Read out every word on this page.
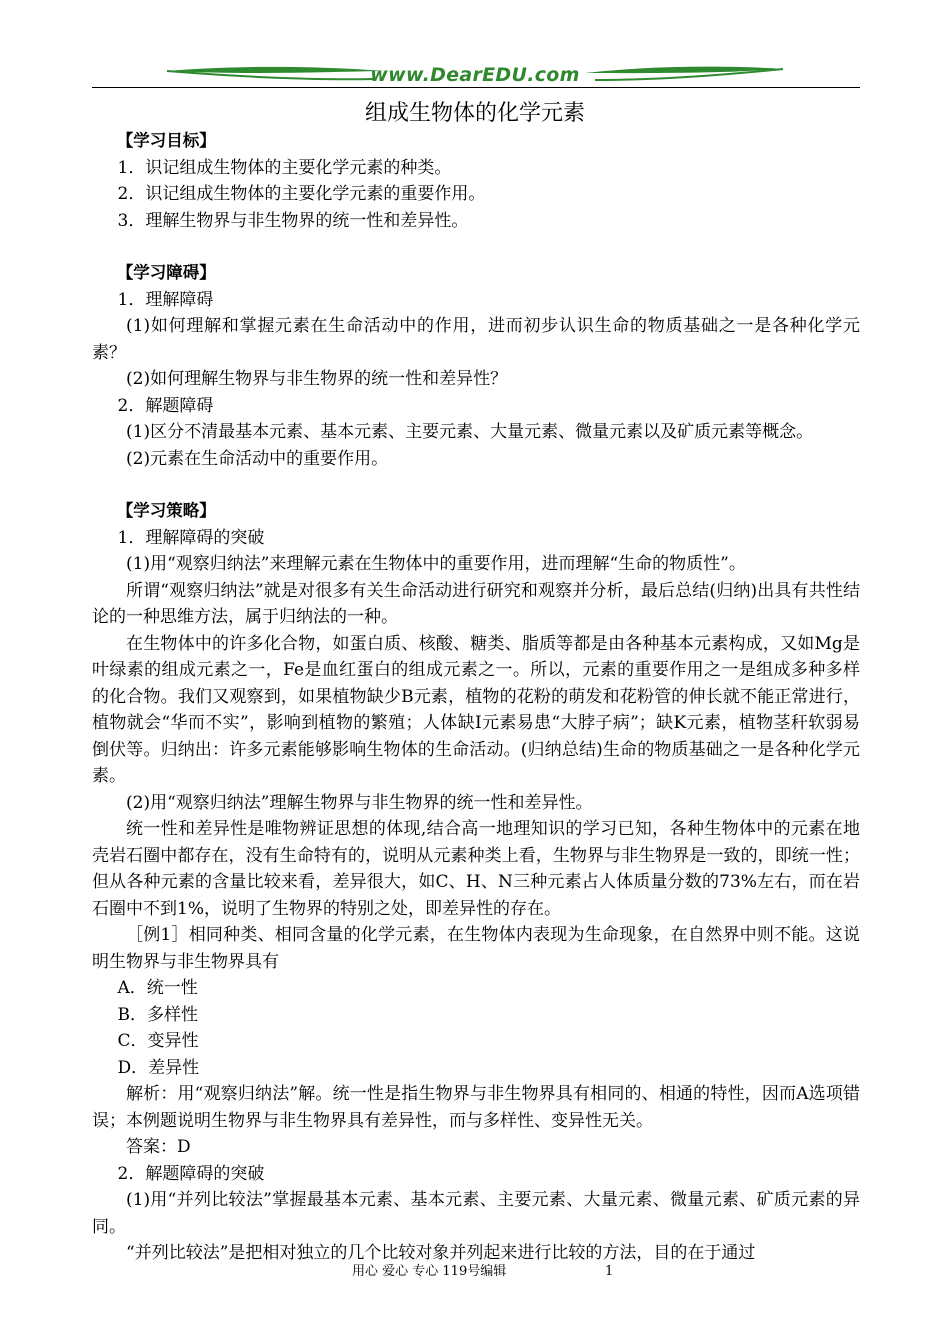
www.DearEDU.com
组成生物体的化学元素

【学习目标】

1．识记组成生物体的主要化学元素的种类。

2．识记组成生物体的主要化学元素的重要作用。

3．理解生物界与非生物界的统一性和差异性。

【学习障碍】

1．理解障碍

(1)如何理解和掌握元素在生命活动中的作用，进而初步认识生命的物质基础之一是各种化学元素？

(2)如何理解生物界与非生物界的统一性和差异性？

2．解题障碍

(1)区分不清最基本元素、基本元素、主要元素、大量元素、微量元素以及矿质元素等概念。

(2)元素在生命活动中的重要作用。

【学习策略】

1．理解障碍的突破

(1)用“观察归纳法”来理解元素在生物体中的重要作用，进而理解“生命的物质性”。

所谓“观察归纳法”就是对很多有关生命活动进行研究和观察并分析，最后总结(归纳)出具有共性结论的一种思维方法，属于归纳法的一种。

在生物体中的许多化合物，如蛋白质、核酸、糖类、脂质等都是由各种基本元素构成，又如Mg是叶绿素的组成元素之一，Fe是血红蛋白的组成元素之一。所以，元素的重要作用之一是组成多种多样的化合物。我们又观察到，如果植物缺少B元素，植物的花粉的萌发和花粉管的伸长就不能正常进行，植物就会“华而不实”，影响到植物的繁殖；人体缺I元素易患“大脖子病”；缺K元素，植物茎秆软弱易倒伏等。归纳出：许多元素能够影响生物体的生命活动。(归纳总结)生命的物质基础之一是各种化学元素。

(2)用“观察归纳法”理解生物界与非生物界的统一性和差异性。

统一性和差异性是唯物辨证思想的体现,结合高一地理知识的学习已知，各种生物体中的元素在地壳岩石圈中都存在，没有生命特有的，说明从元素种类上看，生物界与非生物界是一致的，即统一性；但从各种元素的含量比较来看，差异很大，如C、H、N三种元素占人体质量分数的73%左右，而在岩石圈中不到1%，说明了生物界的特别之处，即差异性的存在。

［例1］相同种类、相同含量的化学元素，在生物体内表现为生命现象，在自然界中则不能。这说明生物界与非生物界具有

A．统一性

B．多样性

C．变异性

D．差异性

解析：用“观察归纳法”解。统一性是指生物界与非生物界具有相同的、相通的特性，因而A选项错误；本例题说明生物界与非生物界具有差异性，而与多样性、变异性无关。

答案：D

2．解题障碍的突破

(1)用“并列比较法”掌握最基本元素、基本元素、主要元素、大量元素、微量元素、矿质元素的异同。

“并列比较法”是把相对独立的几个比较对象并列起来进行比较的方法，目的在于通过

用心 爱心 专心 119号编辑	1
